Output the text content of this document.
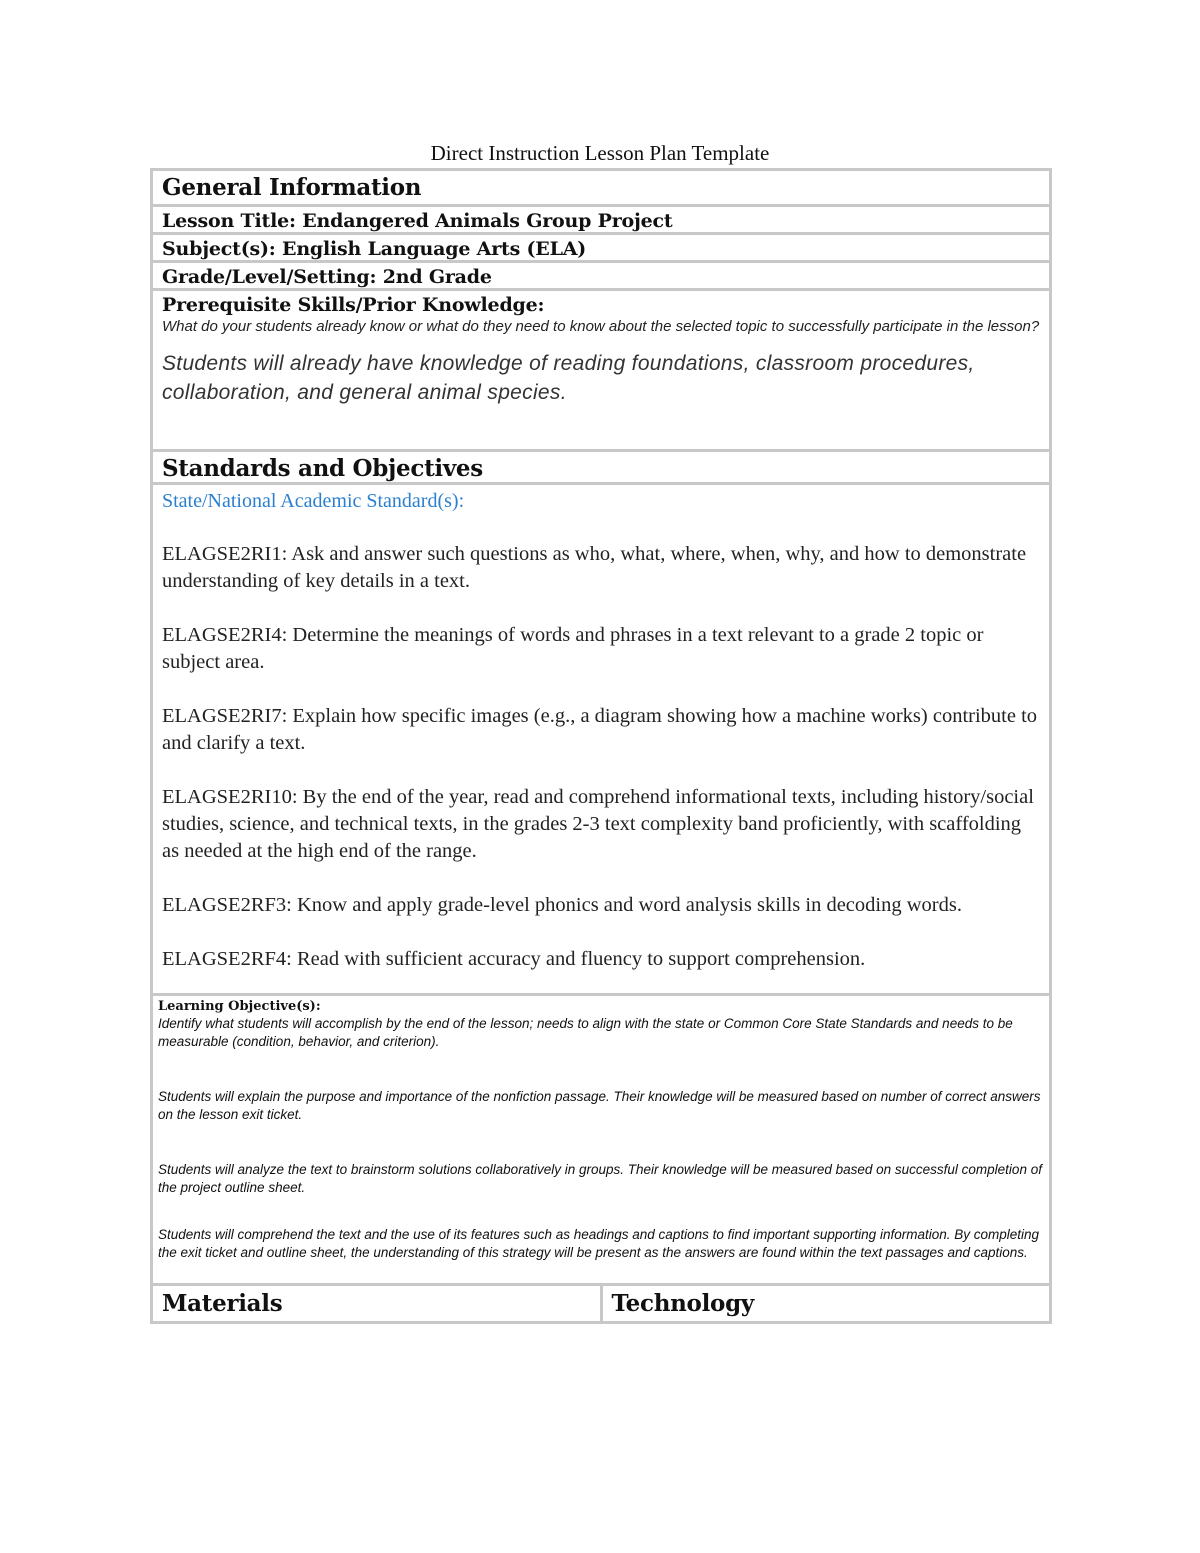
Direct Instruction Lesson Plan Template
General Information
Lesson Title: Endangered Animals Group Project
Subject(s): English Language Arts (ELA)
Grade/Level/Setting: 2nd Grade
Prerequisite Skills/Prior Knowledge:
What do your students already know or what do they need to know about the selected topic to successfully participate in the lesson?
Students will already have knowledge of reading foundations, classroom procedures, collaboration, and general animal species.
Standards and Objectives
State/National Academic Standard(s):
ELAGSE2RI1: Ask and answer such questions as who, what, where, when, why, and how to demonstrate understanding of key details in a text.
ELAGSE2RI4: Determine the meanings of words and phrases in a text relevant to a grade 2 topic or subject area.
ELAGSE2RI7: Explain how specific images (e.g., a diagram showing how a machine works) contribute to and clarify a text.
ELAGSE2RI10: By the end of the year, read and comprehend informational texts, including history/social studies, science, and technical texts, in the grades 2-3 text complexity band proficiently, with scaffolding as needed at the high end of the range.
ELAGSE2RF3: Know and apply grade-level phonics and word analysis skills in decoding words.
ELAGSE2RF4: Read with sufficient accuracy and fluency to support comprehension.
Learning Objective(s):
Identify what students will accomplish by the end of the lesson; needs to align with the state or Common Core State Standards and needs to be measurable (condition, behavior, and criterion).
Students will explain the purpose and importance of the nonfiction passage. Their knowledge will be measured based on number of correct answers on the lesson exit ticket.
Students will analyze the text to brainstorm solutions collaboratively in groups. Their knowledge will be measured based on successful completion of the project outline sheet.
Students will comprehend the text and the use of its features such as headings and captions to find important supporting information. By completing the exit ticket and outline sheet, the understanding of this strategy will be present as the answers are found within the text passages and captions.
Materials	Technology
